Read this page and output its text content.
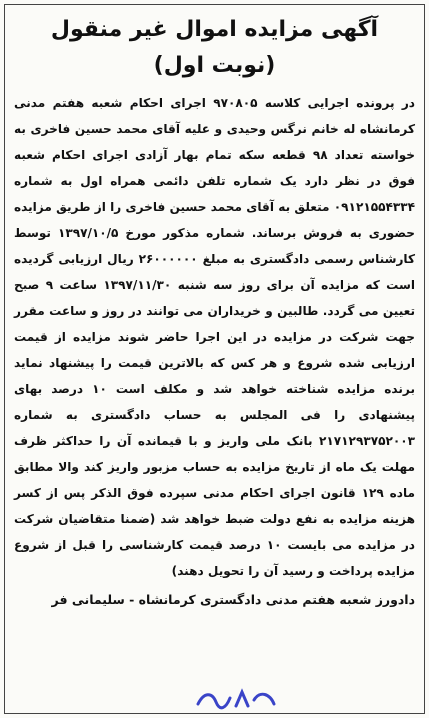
آگهی مزایده اموال غیر منقول (نوبت اول)
در پرونده اجرایی کلاسه ۹۷۰۸۰۵ اجرای احکام شعبه هفتم مدنی کرمانشاه له خانم نرگس وحیدی و علیه آقای محمد حسین فاخری به خواسته تعداد ۹۸ قطعه سکه تمام بهار آزادی اجرای احکام شعبه فوق در نظر دارد یک شماره تلفن دائمی همراه اول به شماره ۰۹۱۲۱۵۵۴۳۳۴ متعلق به آقای محمد حسین فاخری را از طریق مزایده حضوری به فروش برساند. شماره مذکور مورخ ۱۳۹۷/۱۰/۵ توسط کارشناس رسمی دادگستری به مبلغ ۲۶۰۰۰۰۰۰ ریال ارزیابی گردیده است که مزایده آن برای روز سه شنبه ۱۳۹۷/۱۱/۳۰ ساعت ۹ صبح تعیین می گردد. طالبین و خریداران می توانند در روز و ساعت مقرر جهت شرکت در مزایده در این اجرا حاضر شوند مزایده از قیمت ارزیابی شده شروع و هر کس که بالاترین قیمت را پیشنهاد نماید برنده مزایده شناخته خواهد شد و مکلف است ۱۰ درصد بهای پیشنهادی را فی المجلس به حساب دادگستری به شماره ۲۱۷۱۲۹۳۷۵۲۰۰۳ بانک ملی واریز و با قیمانده آن را حداکثر ظرف مهلت یک ماه از تاریخ مزایده به حساب مزبور واریز کند والا مطابق ماده ۱۲۹ قانون اجرای احکام مدنی سپرده فوق الذکر پس از کسر هزینه مزایده به نفع دولت ضبط خواهد شد (ضمنا متقاضیان شرکت در مزایده می بایست ۱۰ درصد قیمت کارشناسی را قبل از شروع مزایده پرداخت و رسید آن را تحویل دهند)
دادورز شعبه هفتم مدنی دادگستری کرمانشاه - سلیمانی فر
